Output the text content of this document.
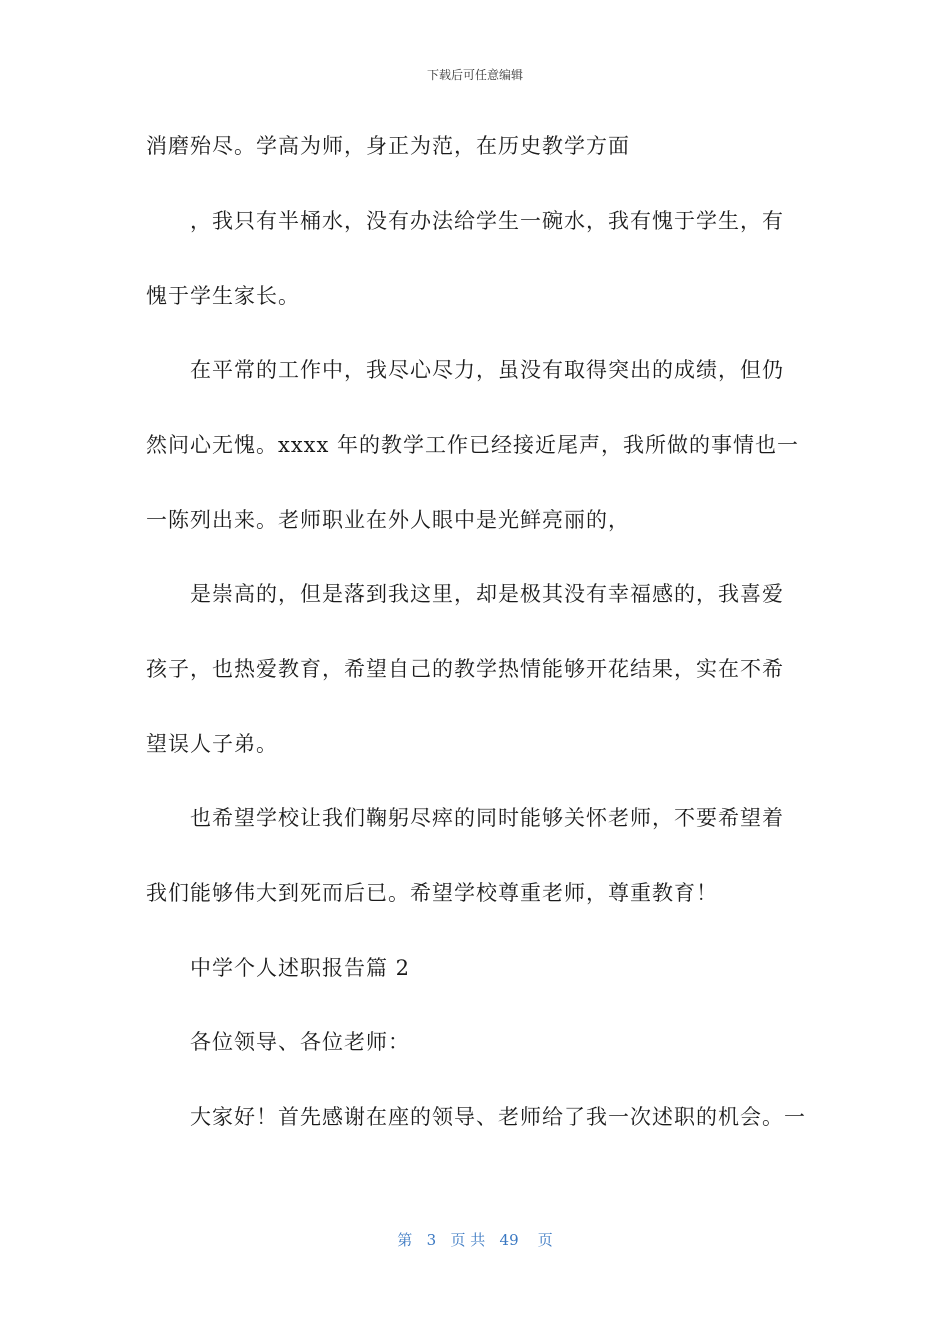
下载后可任意编辑
消磨殆尽。学高为师，身正为范，在历史教学方面
，我只有半桶水，没有办法给学生一碗水，我有愧于学生，有
愧于学生家长。
在平常的工作中，我尽心尽力，虽没有取得突出的成绩，但仍
然问心无愧。xxxx 年的教学工作已经接近尾声，我所做的事情也一
一陈列出来。老师职业在外人眼中是光鲜亮丽的，
是崇高的，但是落到我这里，却是极其没有幸福感的，我喜爱
孩子，也热爱教育，希望自己的教学热情能够开花结果，实在不希
望误人子弟。
也希望学校让我们鞠躬尽瘁的同时能够关怀老师，不要希望着
我们能够伟大到死而后已。希望学校尊重老师，尊重教育！
中学个人述职报告篇 2
各位领导、各位老师：
大家好！首先感谢在座的领导、老师给了我一次述职的机会。一
第 3 页 共 49 页
